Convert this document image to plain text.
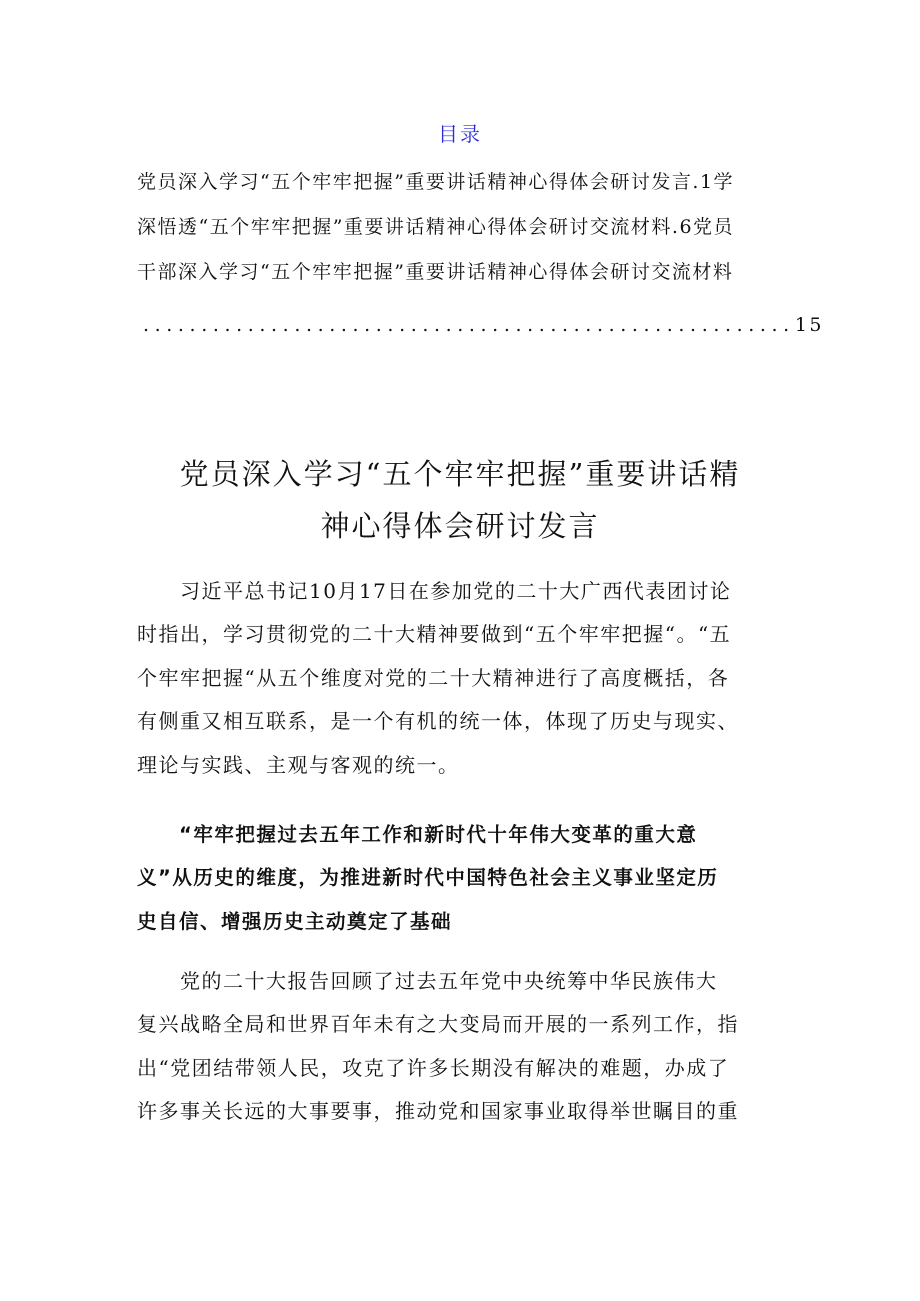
目录
党员深入学习“五个牢牢把握”重要讲话精神心得体会研讨发言.1学
深悟透“五个牢牢把握”重要讲话精神心得体会研讨交流材料.6党员
干部深入学习“五个牢牢把握”重要讲话精神心得体会研讨交流材料
........................................................15
党员深入学习“五个牢牢把握”重要讲话精
神心得体会研讨发言
　　习近平总书记10月17日在参加党的二十大广西代表团讨论
时指出，学习贯彻党的二十大精神要做到“五个牢牢把握“。“五
个牢牢把握“从五个维度对党的二十大精神进行了高度概括，各
有侧重又相互联系，是一个有机的统一体，体现了历史与现实、
理论与实践、主观与客观的统一。
　　“牢牢把握过去五年工作和新时代十年伟大变革的重大意
义”从历史的维度，为推进新时代中国特色社会主义事业坚定历
史自信、增强历史主动奠定了基础
　　党的二十大报告回顾了过去五年党中央统筹中华民族伟大
复兴战略全局和世界百年未有之大变局而开展的一系列工作，指
出“党团结带领人民，攻克了许多长期没有解决的难题，办成了
许多事关长远的大事要事，推动党和国家事业取得举世瞩目的重
